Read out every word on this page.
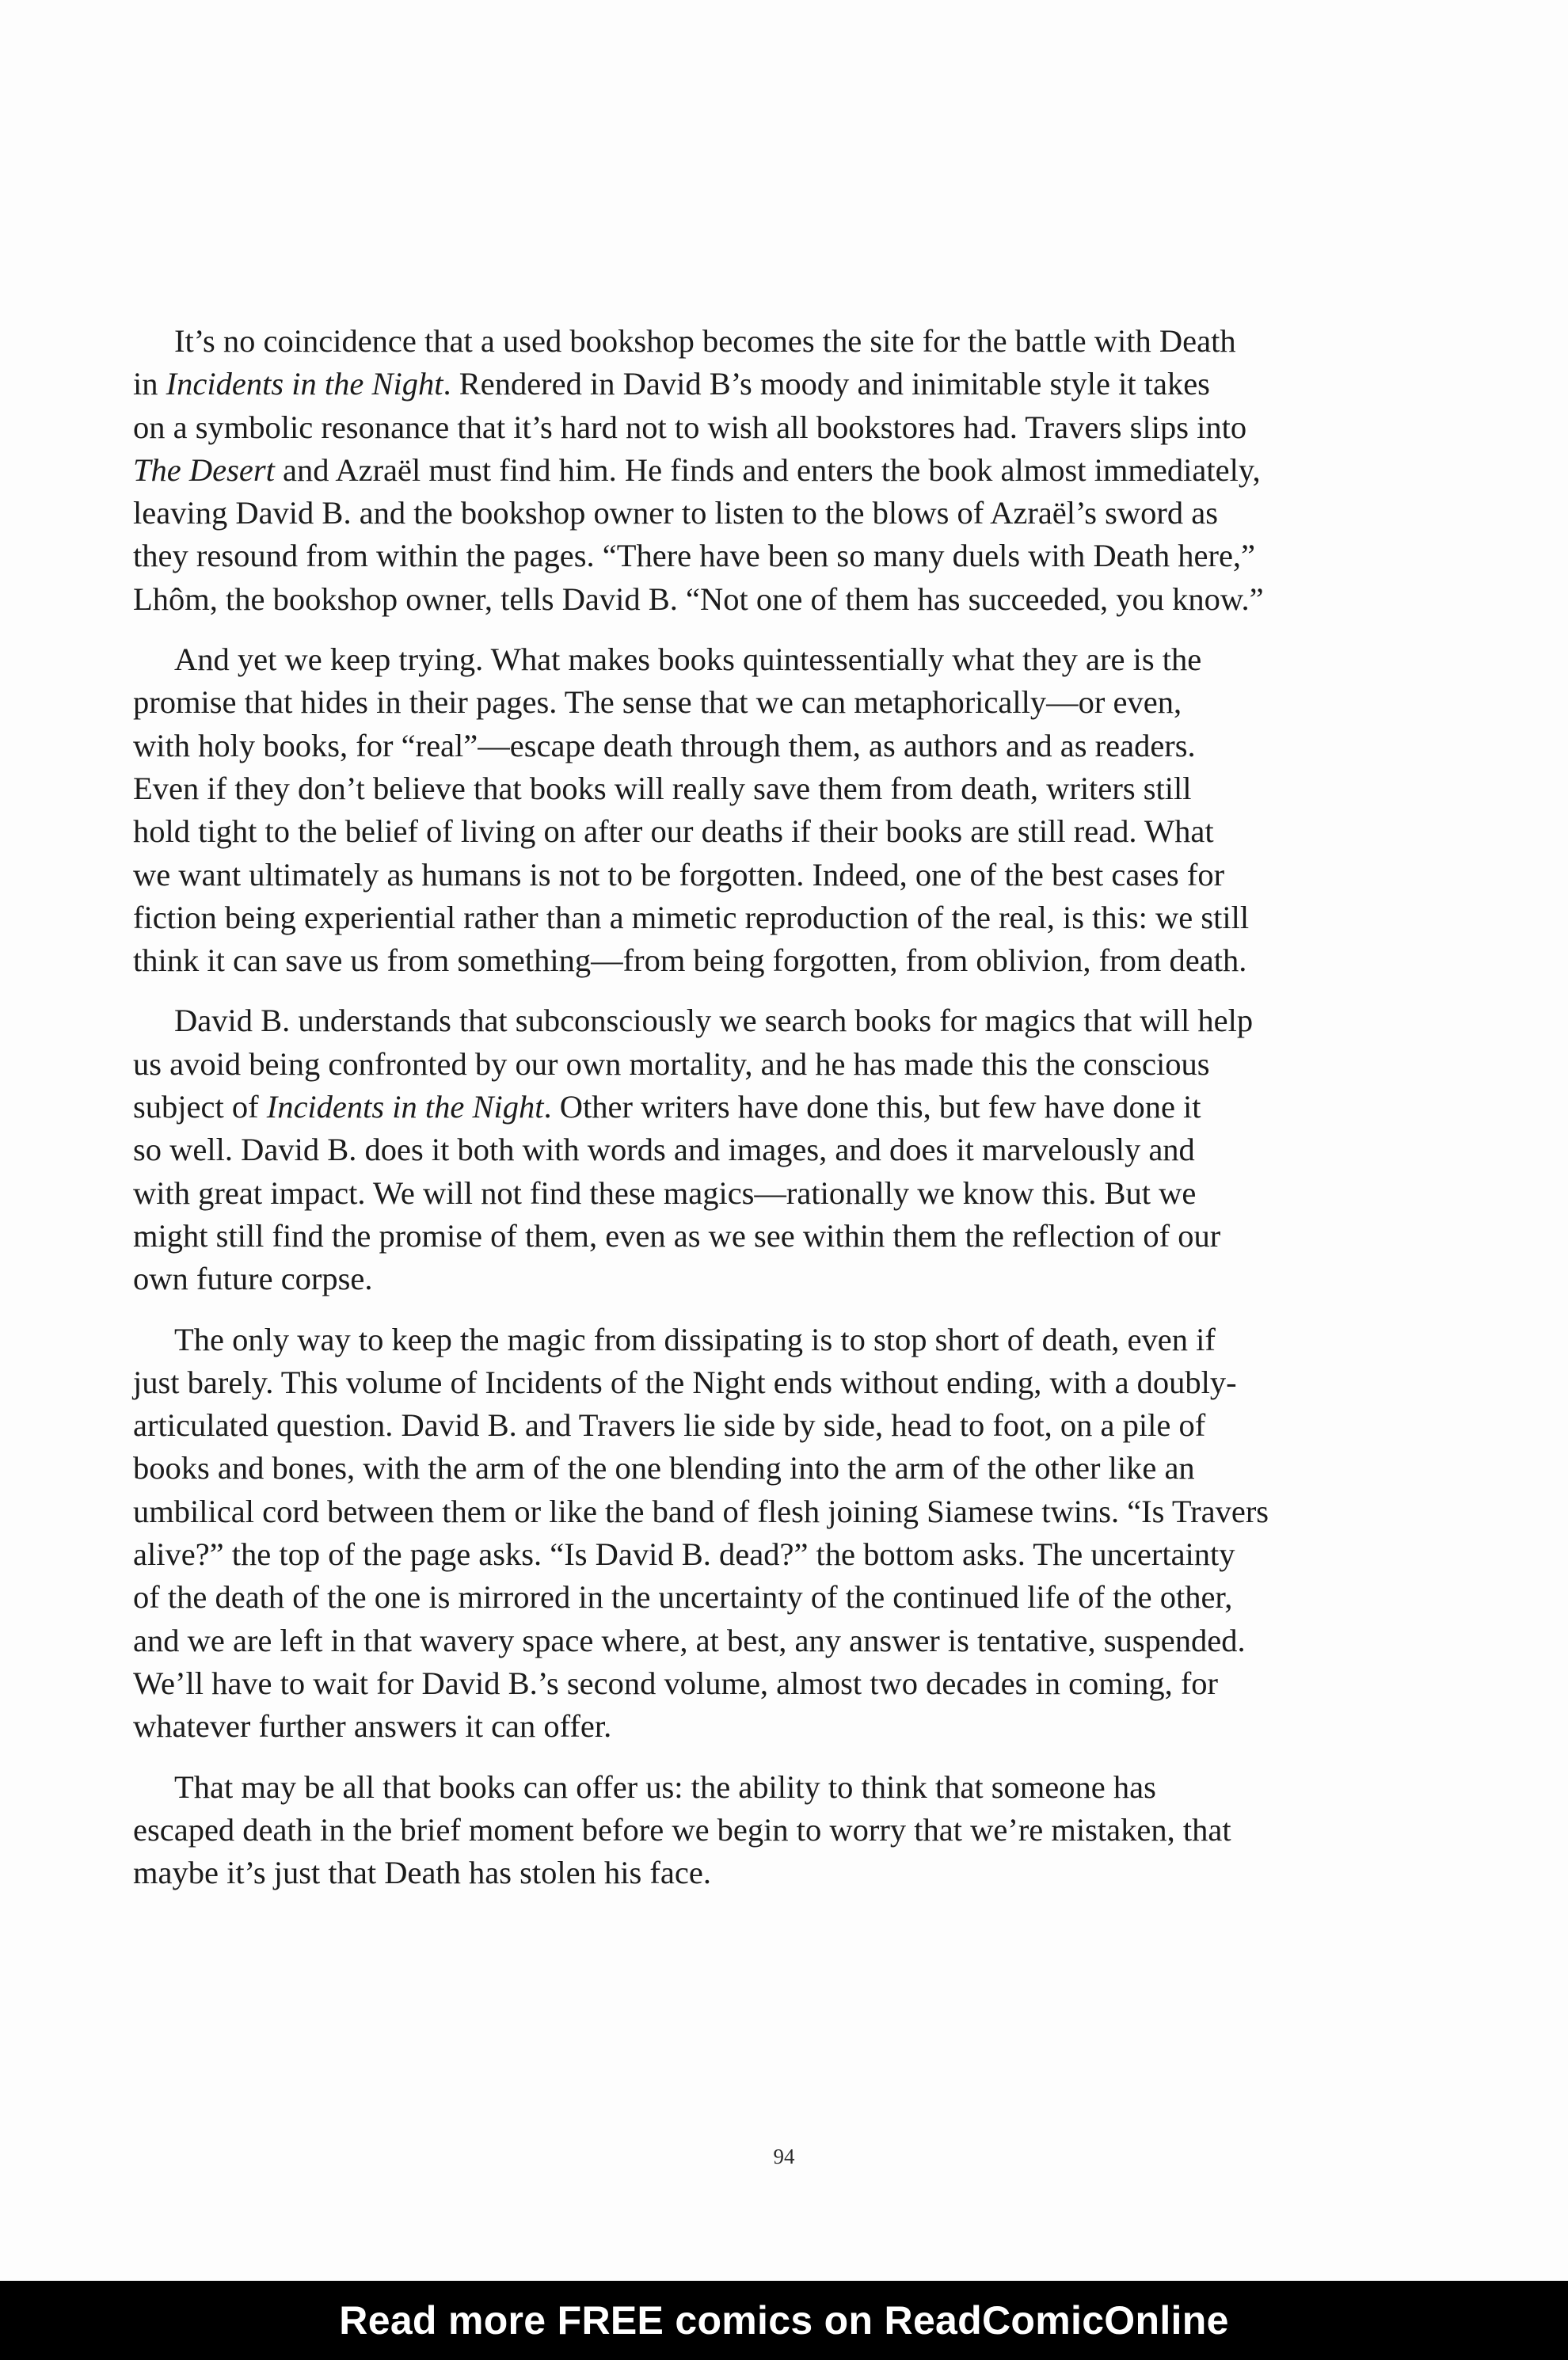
It’s no coincidence that a used bookshop becomes the site for the battle with Death
in Incidents in the Night. Rendered in David B’s moody and inimitable style it takes
on a symbolic resonance that it’s hard not to wish all bookstores had. Travers slips into
The Desert and Azraël must find him. He finds and enters the book almost immediately,
leaving David B. and the bookshop owner to listen to the blows of Azraël’s sword as
they resound from within the pages. “There have been so many duels with Death here,”
Lhôm, the bookshop owner, tells David B. “Not one of them has succeeded, you know.”
And yet we keep trying. What makes books quintessentially what they are is the
promise that hides in their pages. The sense that we can metaphorically—or even,
with holy books, for “real”—escape death through them, as authors and as readers.
Even if they don’t believe that books will really save them from death, writers still
hold tight to the belief of living on after our deaths if their books are still read. What
we want ultimately as humans is not to be forgotten. Indeed, one of the best cases for
fiction being experiential rather than a mimetic reproduction of the real, is this: we still
think it can save us from something—from being forgotten, from oblivion, from death.
David B. understands that subconsciously we search books for magics that will help
us avoid being confronted by our own mortality, and he has made this the conscious
subject of Incidents in the Night. Other writers have done this, but few have done it
so well. David B. does it both with words and images, and does it marvelously and
with great impact. We will not find these magics—rationally we know this. But we
might still find the promise of them, even as we see within them the reflection of our
own future corpse.
The only way to keep the magic from dissipating is to stop short of death, even if
just barely. This volume of Incidents of the Night ends without ending, with a doubly-
articulated question. David B. and Travers lie side by side, head to foot, on a pile of
books and bones, with the arm of the one blending into the arm of the other like an
umbilical cord between them or like the band of flesh joining Siamese twins. “Is Travers
alive?” the top of the page asks. “Is David B. dead?” the bottom asks. The uncertainty
of the death of the one is mirrored in the uncertainty of the continued life of the other,
and we are left in that wavery space where, at best, any answer is tentative, suspended.
We’ll have to wait for David B.’s second volume, almost two decades in coming, for
whatever further answers it can offer.
That may be all that books can offer us: the ability to think that someone has
escaped death in the brief moment before we begin to worry that we’re mistaken, that
maybe it’s just that Death has stolen his face.
94
Read more FREE comics on ReadComicOnline
